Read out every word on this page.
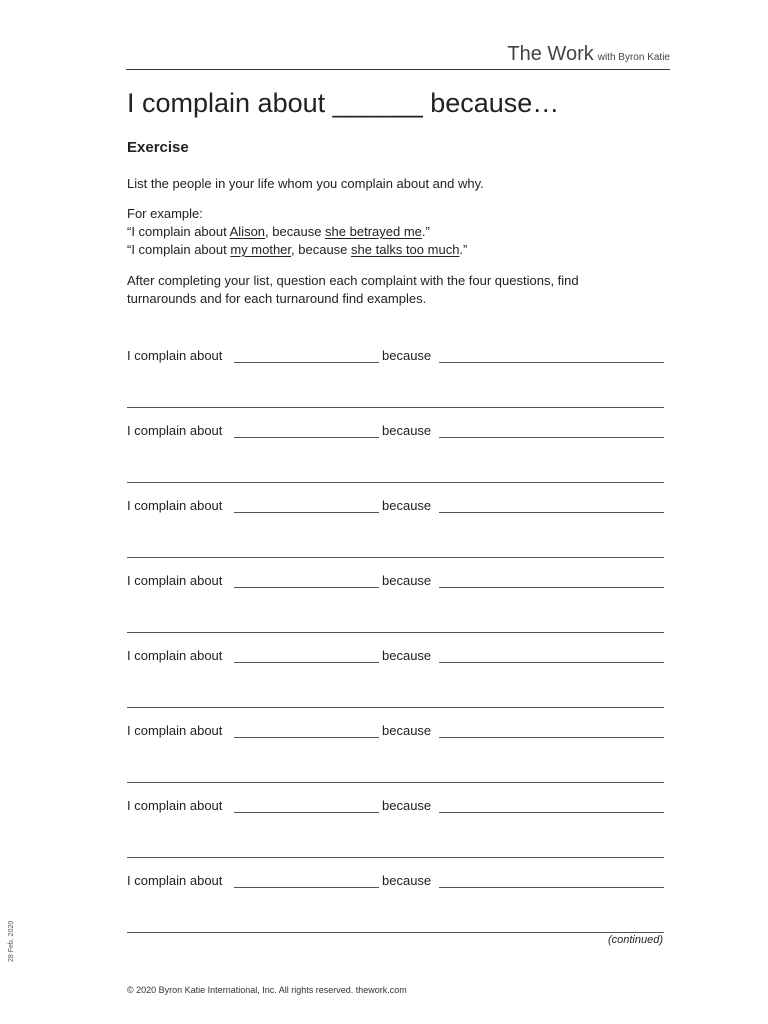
The Work with Byron Katie
I complain about ______ because…
Exercise
List the people in your life whom you complain about and why.
For example:
“I complain about Alison, because she betrayed me.”
“I complain about my mother, because she talks too much.”
After completing your list, question each complaint with the four questions, find
turnarounds and for each turnaround find examples.
I complain about	because
I complain about	because
I complain about	because
I complain about	because
I complain about	because
I complain about	because
I complain about	because
I complain about	because
(continued)
© 2020 Byron Katie International, Inc. All rights reserved. thework.com
28 Feb. 2020
